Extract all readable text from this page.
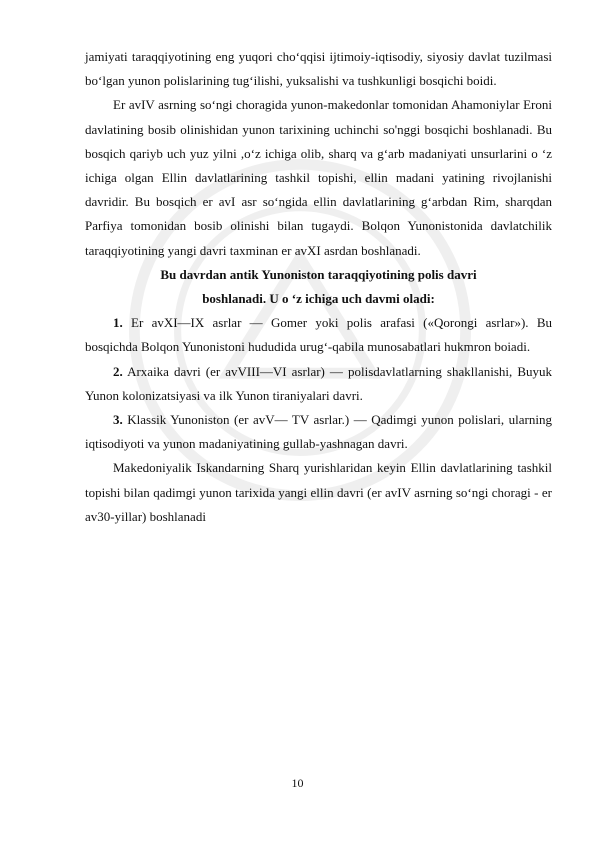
jamiyati taraqqiyotining eng yuqori cho‘qqisi ijtimoiy-iqtisodiy, siyosiy davlat tuzilmasi bo‘lgan yunon polislarining tug‘ilishi, yuksalishi va tushkunligi bosqichi boidi.

Er avIV asrning so‘ngi choragida yunon-makedonlar tomonidan Ahamoniylar Eroni davlatining bosib olinishidan yunon tarixining uchinchi so'nggi bosqichi boshlanadi. Bu bosqich qariyb uch yuz yilni ,o‘z ichiga olib, sharq va g‘arb madaniyati unsurlarini o ‘z ichiga olgan Ellin davlatlarining tashkil topishi, ellin madani yatining rivojlanishi davridir. Bu bosqich er avI asr so‘ngida ellin davlatlarining g‘arbdan Rim, sharqdan Parfiya tomonidan bosib olinishi bilan tugaydi. Bolqon Yunonistonida davlatchilik taraqqiyotining yangi davri taxminan er avXI asrdan boshlanadi.

Bu davrdan antik Yunoniston taraqqiyotining polis davri

boshlanadi. U o ‘z ichiga uch davmi oladi:

1. Er avXI—IX asrlar — Gomer yoki polis arafasi («Qorongi asrlar»). Bu bosqichda Bolqon Yunonistoni hududida urug‘-qabila munosabatlari hukmron boiadi.

2. Arxaika davri (er avVIII—VI asrlar) — polisdavlatlarning shakllanishi, Buyuk Yunon kolonizatsiyasi va ilk Yunon tiraniyalari davri.

3. Klassik Yunoniston (er avV— TV asrlar.) — Qadimgi yunon polislari, ularning iqtisodiyoti va yunon madaniyatining gullab-yashnagan davri.

Makedoniyalik Iskandarning Sharq yurishlaridan keyin Ellin davlatlarining tashkil topishi bilan qadimgi yunon tarixida yangi ellin davri (er avIV asrning so‘ngi choragi - er av30-yillar) boshlanadi

10
